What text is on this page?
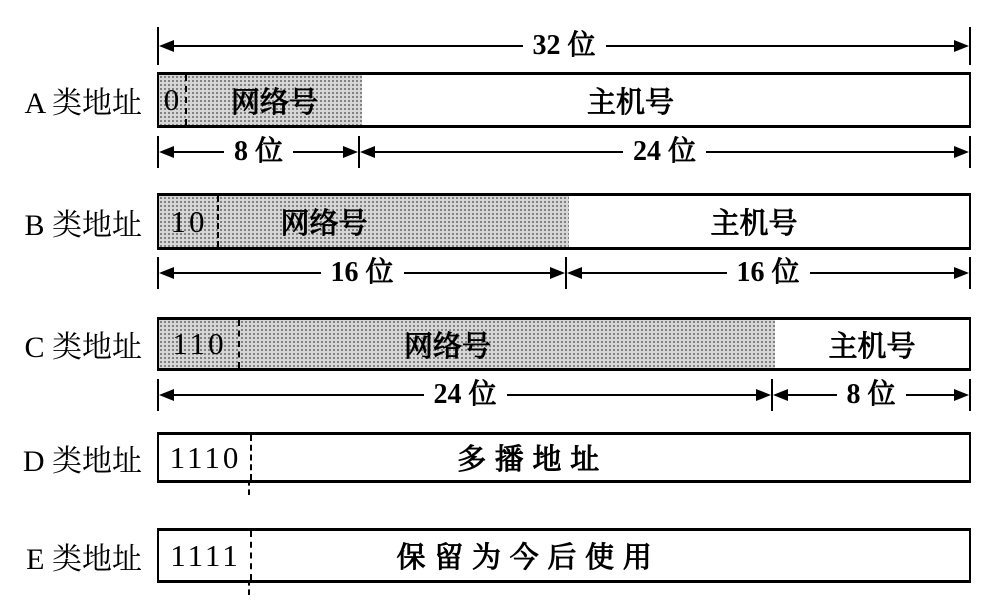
32 位
A 类地址 0 网络号	主机号
8 位	24 位
B 类地址 10	网络号	主机号
16 位	16 位
C 类地址 110	网络号	主机号
24 位	8 位
D 类地址 1110	多播地址
E 类地址 1111	保留为今后使用
